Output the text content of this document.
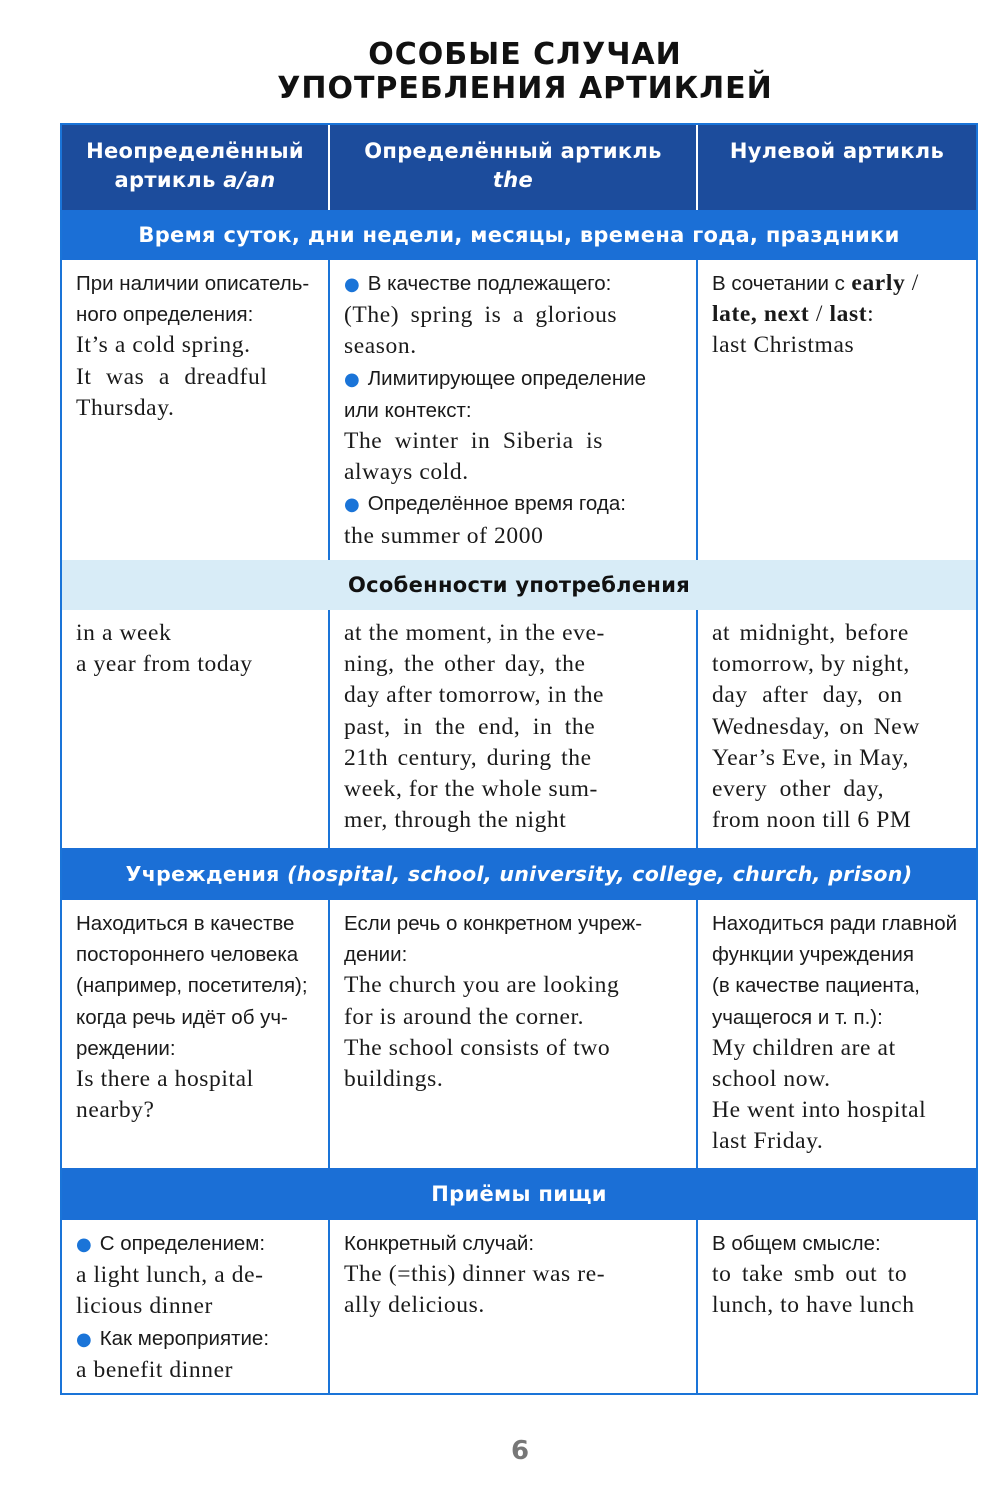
ОСОБЫЕ СЛУЧАИ
УПОТРЕБЛЕНИЯ АРТИКЛЕЙ
Неопределённый
артикль a/an
Определённый артикль
the
Нулевой артикль
Время суток, дни недели, месяцы, времена года, праздники
При наличии описатель-
ного определения:
It’s a cold spring.
It was a dreadful
Thursday.
● В качестве подлежащего:
(The) spring is a glorious
season.
● Лимитирующее определение
или контекст:
The winter in Siberia is
always cold.
● Определённое время года:
the summer of 2000
В сочетании с early /
late, next / last:
last Christmas
Особенности употребления
in a week
a year from today
at the moment, in the eve-
ning, the other day, the
day after tomorrow, in the
past, in the end, in the
21th century, during the
week, for the whole sum-
mer, through the night
at midnight, before
tomorrow, by night,
day after day, on
Wednesday, on New
Year’s Eve, in May,
every other day,
from noon till 6 PM
Учреждения (hospital, school, university, college, church, prison)
Находиться в качестве
постороннего человека
(например, посетителя);
когда речь идёт об уч-
реждении:
Is there a hospital
nearby?
Если речь о конкретном учреж-
дении:
The church you are looking
for is around the corner.
The school consists of two
buildings.
Находиться ради главной
функции учреждения
(в качестве пациента,
учащегося и т. п.):
My children are at
school now.
He went into hospital
last Friday.
Приёмы пищи
● С определением:
a light lunch, a de-
licious dinner
● Как мероприятие:
a benefit dinner
Конкретный случай:
The (=this) dinner was re-
ally delicious.
В общем смысле:
to take smb out to
lunch, to have lunch
6
